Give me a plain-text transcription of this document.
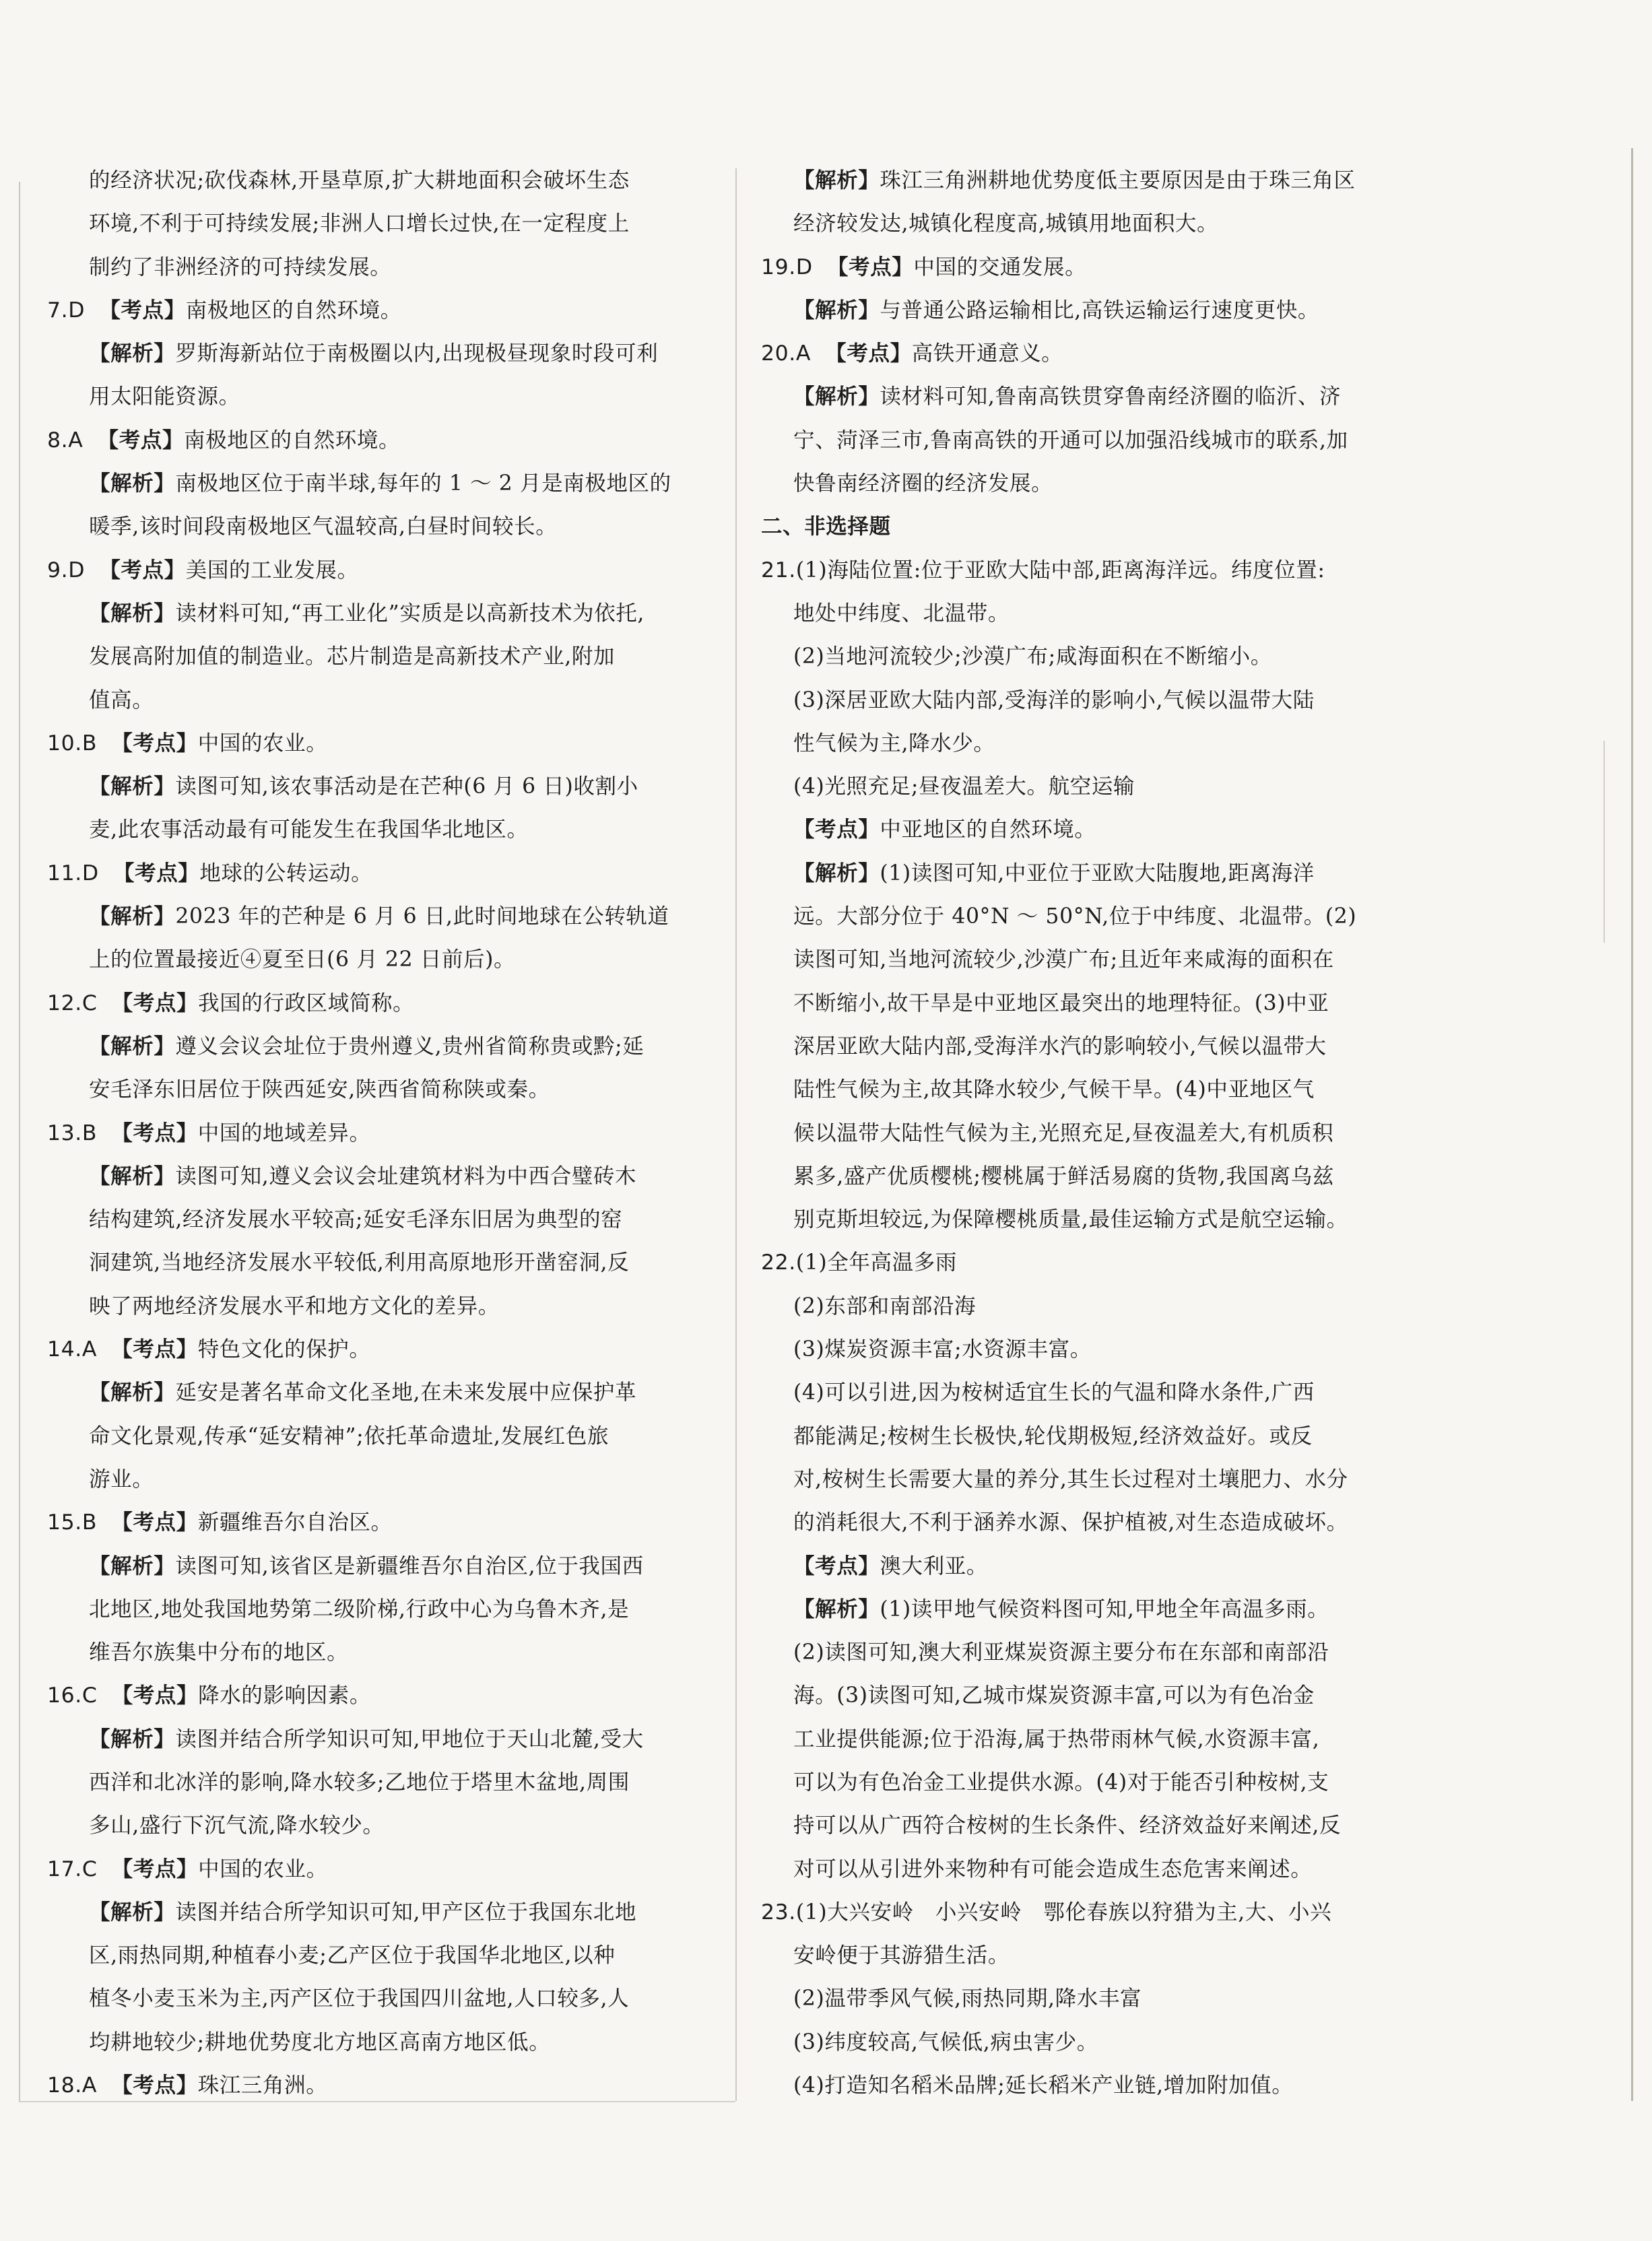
的经济状况;砍伐森林,开垦草原,扩大耕地面积会破坏生态
环境,不利于可持续发展;非洲人口增长过快,在一定程度上
制约了非洲经济的可持续发展。
7.D 【考点】南极地区的自然环境。
【解析】罗斯海新站位于南极圈以内,出现极昼现象时段可利
用太阳能资源。
8.A 【考点】南极地区的自然环境。
【解析】南极地区位于南半球,每年的 1 ～ 2 月是南极地区的
暖季,该时间段南极地区气温较高,白昼时间较长。
9.D 【考点】美国的工业发展。
【解析】读材料可知,“再工业化”实质是以高新技术为依托,
发展高附加值的制造业。芯片制造是高新技术产业,附加
值高。
10.B 【考点】中国的农业。
【解析】读图可知,该农事活动是在芒种(6 月 6 日)收割小
麦,此农事活动最有可能发生在我国华北地区。
11.D 【考点】地球的公转运动。
【解析】2023 年的芒种是 6 月 6 日,此时间地球在公转轨道
上的位置最接近④夏至日(6 月 22 日前后)。
12.C 【考点】我国的行政区域简称。
【解析】遵义会议会址位于贵州遵义,贵州省简称贵或黔;延
安毛泽东旧居位于陕西延安,陕西省简称陕或秦。
13.B 【考点】中国的地域差异。
【解析】读图可知,遵义会议会址建筑材料为中西合璧砖木
结构建筑,经济发展水平较高;延安毛泽东旧居为典型的窑
洞建筑,当地经济发展水平较低,利用高原地形开凿窑洞,反
映了两地经济发展水平和地方文化的差异。
14.A 【考点】特色文化的保护。
【解析】延安是著名革命文化圣地,在未来发展中应保护革
命文化景观,传承“延安精神”;依托革命遗址,发展红色旅
游业。
15.B 【考点】新疆维吾尔自治区。
【解析】读图可知,该省区是新疆维吾尔自治区,位于我国西
北地区,地处我国地势第二级阶梯,行政中心为乌鲁木齐,是
维吾尔族集中分布的地区。
16.C 【考点】降水的影响因素。
【解析】读图并结合所学知识可知,甲地位于天山北麓,受大
西洋和北冰洋的影响,降水较多;乙地位于塔里木盆地,周围
多山,盛行下沉气流,降水较少。
17.C 【考点】中国的农业。
【解析】读图并结合所学知识可知,甲产区位于我国东北地
区,雨热同期,种植春小麦;乙产区位于我国华北地区,以种
植冬小麦玉米为主,丙产区位于我国四川盆地,人口较多,人
均耕地较少;耕地优势度北方地区高南方地区低。
18.A 【考点】珠江三角洲。
【解析】珠江三角洲耕地优势度低主要原因是由于珠三角区
经济较发达,城镇化程度高,城镇用地面积大。
19.D 【考点】中国的交通发展。
【解析】与普通公路运输相比,高铁运输运行速度更快。
20.A 【考点】高铁开通意义。
【解析】读材料可知,鲁南高铁贯穿鲁南经济圈的临沂、济
宁、菏泽三市,鲁南高铁的开通可以加强沿线城市的联系,加
快鲁南经济圈的经济发展。
二、非选择题
21.(1)海陆位置:位于亚欧大陆中部,距离海洋远。纬度位置:
地处中纬度、北温带。
(2)当地河流较少;沙漠广布;咸海面积在不断缩小。
(3)深居亚欧大陆内部,受海洋的影响小,气候以温带大陆
性气候为主,降水少。
(4)光照充足;昼夜温差大。航空运输
【考点】中亚地区的自然环境。
【解析】(1)读图可知,中亚位于亚欧大陆腹地,距离海洋
远。大部分位于 40°N ～ 50°N,位于中纬度、北温带。(2)
读图可知,当地河流较少,沙漠广布;且近年来咸海的面积在
不断缩小,故干旱是中亚地区最突出的地理特征。(3)中亚
深居亚欧大陆内部,受海洋水汽的影响较小,气候以温带大
陆性气候为主,故其降水较少,气候干旱。(4)中亚地区气
候以温带大陆性气候为主,光照充足,昼夜温差大,有机质积
累多,盛产优质樱桃;樱桃属于鲜活易腐的货物,我国离乌兹
别克斯坦较远,为保障樱桃质量,最佳运输方式是航空运输。
22.(1)全年高温多雨
(2)东部和南部沿海
(3)煤炭资源丰富;水资源丰富。
(4)可以引进,因为桉树适宜生长的气温和降水条件,广西
都能满足;桉树生长极快,轮伐期极短,经济效益好。或反
对,桉树生长需要大量的养分,其生长过程对土壤肥力、水分
的消耗很大,不利于涵养水源、保护植被,对生态造成破坏。
【考点】澳大利亚。
【解析】(1)读甲地气候资料图可知,甲地全年高温多雨。
(2)读图可知,澳大利亚煤炭资源主要分布在东部和南部沿
海。(3)读图可知,乙城市煤炭资源丰富,可以为有色冶金
工业提供能源;位于沿海,属于热带雨林气候,水资源丰富,
可以为有色冶金工业提供水源。(4)对于能否引种桉树,支
持可以从广西符合桉树的生长条件、经济效益好来阐述,反
对可以从引进外来物种有可能会造成生态危害来阐述。
23.(1)大兴安岭　小兴安岭　鄂伦春族以狩猎为主,大、小兴
安岭便于其游猎生活。
(2)温带季风气候,雨热同期,降水丰富
(3)纬度较高,气候低,病虫害少。
(4)打造知名稻米品牌;延长稻米产业链,增加附加值。
